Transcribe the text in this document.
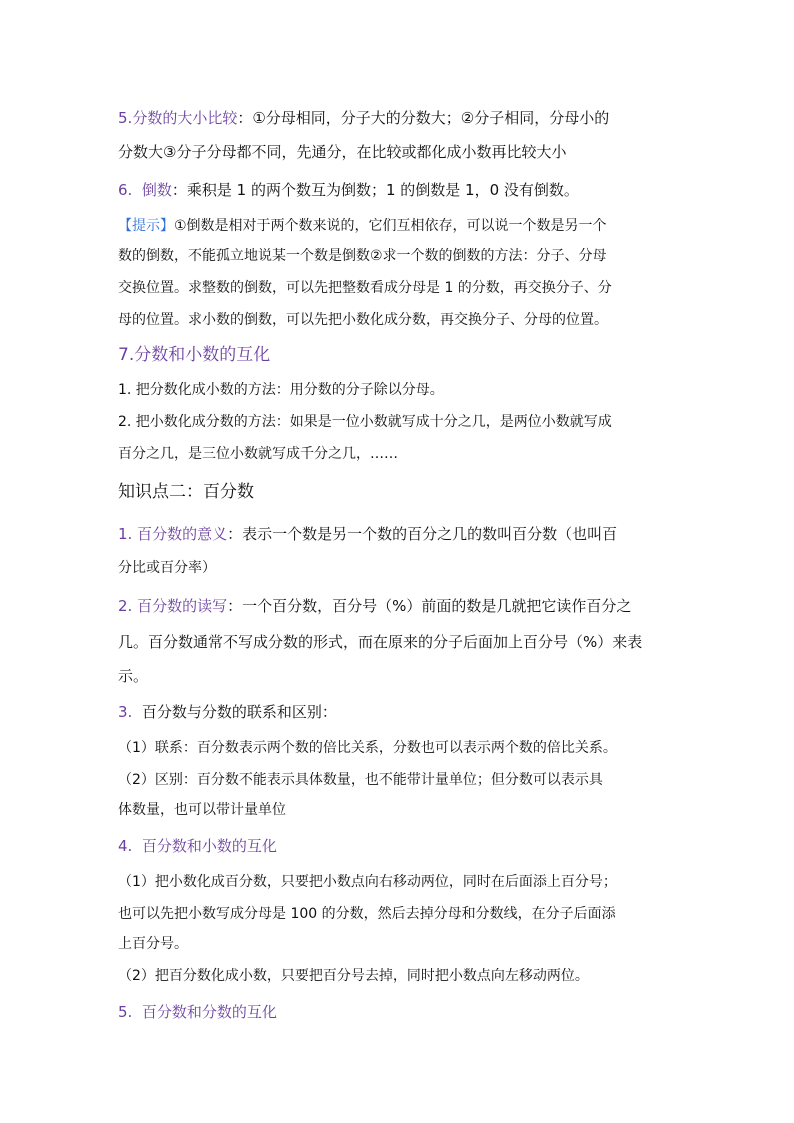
5.分数的大小比较：①分母相同，分子大的分数大；②分子相同，分母小的
分数大③分子分母都不同，先通分，在比较或都化成小数再比较大小
6. 倒数：乘积是 1 的两个数互为倒数；1 的倒数是 1，0 没有倒数。
【提示】①倒数是相对于两个数来说的，它们互相依存，可以说一个数是另一个
数的倒数，不能孤立地说某一个数是倒数②求一个数的倒数的方法：分子、分母
交换位置。求整数的倒数，可以先把整数看成分母是 1 的分数，再交换分子、分
母的位置。求小数的倒数，可以先把小数化成分数，再交换分子、分母的位置。
7.分数和小数的互化
1. 把分数化成小数的方法：用分数的分子除以分母。
2. 把小数化成分数的方法：如果是一位小数就写成十分之几，是两位小数就写成
百分之几，是三位小数就写成千分之几，……
知识点二：百分数
1. 百分数的意义：表示一个数是另一个数的百分之几的数叫百分数（也叫百
分比或百分率）
2. 百分数的读写：一个百分数，百分号（%）前面的数是几就把它读作百分之
几。百分数通常不写成分数的形式，而在原来的分子后面加上百分号（%）来表
示。
3. 百分数与分数的联系和区别：
（1）联系：百分数表示两个数的倍比关系，分数也可以表示两个数的倍比关系。
（2）区别：百分数不能表示具体数量，也不能带计量单位；但分数可以表示具
体数量，也可以带计量单位
4. 百分数和小数的互化
（1）把小数化成百分数，只要把小数点向右移动两位，同时在后面添上百分号；
也可以先把小数写成分母是 100 的分数，然后去掉分母和分数线，在分子后面添
上百分号。
（2）把百分数化成小数，只要把百分号去掉，同时把小数点向左移动两位。
5. 百分数和分数的互化
